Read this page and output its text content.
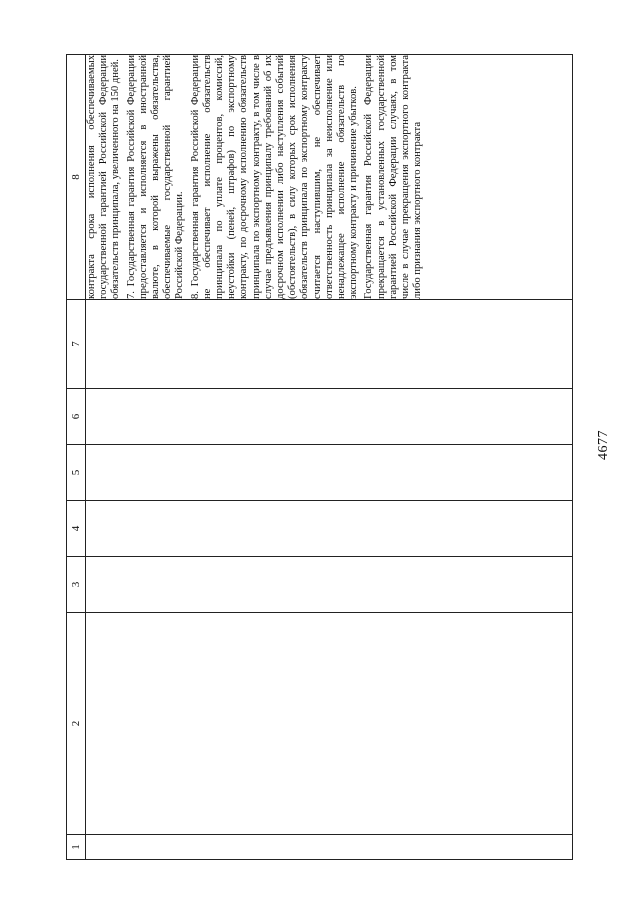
4677
1	2	3	4	5	6	7	8

							контракта срока исполнения обеспечиваемых государственной гарантией Российской Федерации обязательств принципала, увеличенного на 150 дней. 7. Государственная гарантия Российской Федерации предоставляется и исполняется в иностранной валюте, в которой выражены обязательства, обеспечиваемые государственной гарантией Российской Федерации. 8. Государственная гарантия Российской Федерации не обеспечивает исполнение обязательств принципала по уплате процентов, комиссий, неустойки (пеней, штрафов) по экспортному контракту, по досрочному исполнению обязательств принципала по экспортному контракту, в том числе в случае предъявления принципалу требований об их досрочном исполнении либо наступления событий (обстоятельств), в силу которых срок исполнения обязательств принципала по экспортному контракту считается наступившим, не обеспечивает ответственность принципала за неисполнение или ненадлежащее исполнение обязательств по экспортному контракту и причинение убытков. Государственная гарантия Российской Федерации прекращается в установленных государственной гарантией Российской Федерации случаях, в том числе в случае прекращения экспортного контракта либо признания экспортного контракта
